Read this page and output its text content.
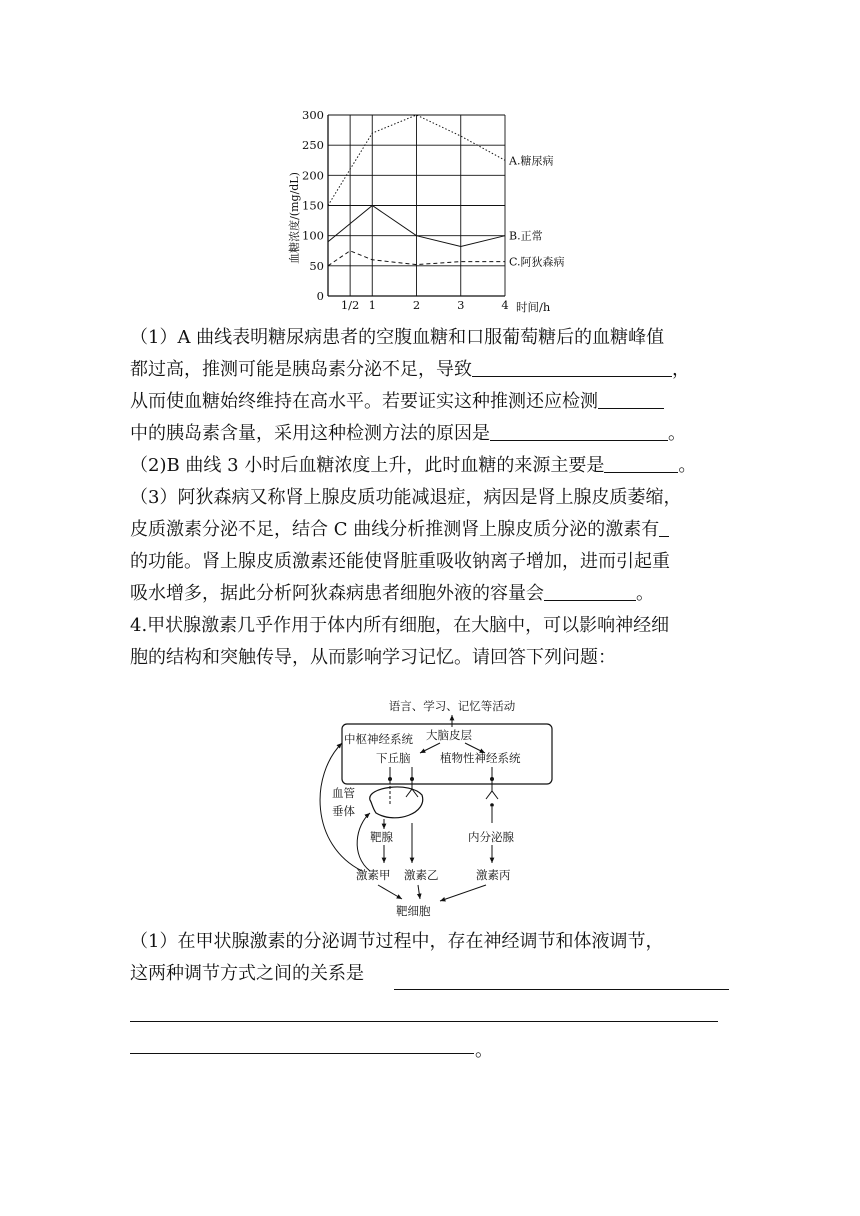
0
50
100
150
200
250
300
1/2 1	2	3	4
A.糖尿病
B.正常
C.阿狄森病
血糖浓度/(mg/dL)
时间/h

（1）A 曲线表明糖尿病患者的空腹血糖和口服葡萄糖后的血糖峰值

都过高，推测可能是胰岛素分泌不足，导致	，

从而使血糖始终维持在高水平。若要证实这种推测还应检测

中的胰岛素含量，采用这种检测方法的原因是	。

（2)B 曲线 3 小时后血糖浓度上升，此时血糖的来源主要是	。

（3）阿狄森病又称肾上腺皮质功能减退症，病因是肾上腺皮质萎缩，

皮质激素分泌不足，结合 C 曲线分析推测肾上腺皮质分泌的激素有

的功能。肾上腺皮质激素还能使肾脏重吸收钠离子增加，进而引起重

吸水增多，据此分析阿狄森病患者细胞外液的容量会	。

4.甲状腺激素几乎作用于体内所有细胞，在大脑中，可以影响神经细

胞的结构和突触传导，从而影响学习记忆。请回答下列问题：

语言、学习、记忆等活动
中枢神经系统 大脑皮层
下丘脑	植物性神经系统
血管
垂体
靶腺	内分泌腺
激素甲 激素乙	激素丙
靶细胞

（1）在甲状腺激素的分泌调节过程中，存在神经调节和体液调节，

这两种调节方式之间的关系是

。
